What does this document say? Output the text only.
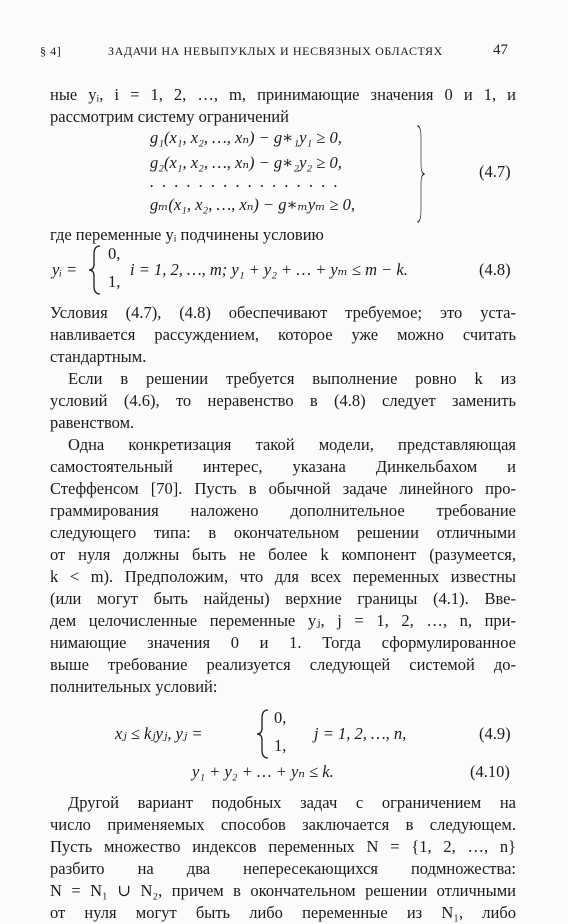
§ 4]	ЗАДАЧИ НА НЕВЫПУКЛЫХ И НЕСВЯЗНЫХ ОБЛАСТЯХ	47
ные yᵢ, i = 1, 2, …, m, принимающие значения 0 и 1, и
рассмотрим систему ограничений
g₁(x₁, x₂, …, xₙ) − g∗₁y₁ ≥ 0,
g₂(x₁, x₂, …, xₙ) − g∗₂y₂ ≥ 0,
. . . . . . . . . . . . . . . .
gₘ(x₁, x₂, …, xₙ) − g∗ₘyₘ ≥ 0,
(4.7)
где переменные yᵢ подчинены условию
yᵢ =
0,
1,
i = 1, 2, …, m; y₁ + y₂ + … + yₘ ≤ m − k.	(4.8)
Условия (4.7), (4.8) обеспечивают требуемое; это уста-
навливается рассуждением, которое уже можно считать
стандартным.
Если в решении требуется выполнение ровно k из
условий (4.6), то неравенство в (4.8) следует заменить
равенством.
Одна конкретизация такой модели, представляющая
самостоятельный интерес, указана Динкельбахом и
Стеффенсом [70]. Пусть в обычной задаче линейного про-
граммирования наложено дополнительное требование
следующего типа: в окончательном решении отличными
от нуля должны быть не более k компонент (разумеется,
k < m). Предположим, что для всех переменных известны
(или могут быть найдены) верхние границы (4.1). Вве-
дем целочисленные переменные yⱼ, j = 1, 2, …, n, при-
нимающие значения 0 и 1. Тогда сформулированное
выше требование реализуется следующей системой до-
полнительных условий:
xⱼ ≤ kⱼyⱼ, yⱼ =
0,
1,
j = 1, 2, …, n,	(4.9)
y₁ + y₂ + … + yₙ ≤ k.	(4.10)
Другой вариант подобных задач с ограничением на
число применяемых способов заключается в следующем.
Пусть множество индексов переменных N = {1, 2, …, n}
разбито на два непересекающихся подмножества:
N = N₁ ∪ N₂, причем в окончательном решении отличными
от нуля могут быть либо переменные из N₁, либо
